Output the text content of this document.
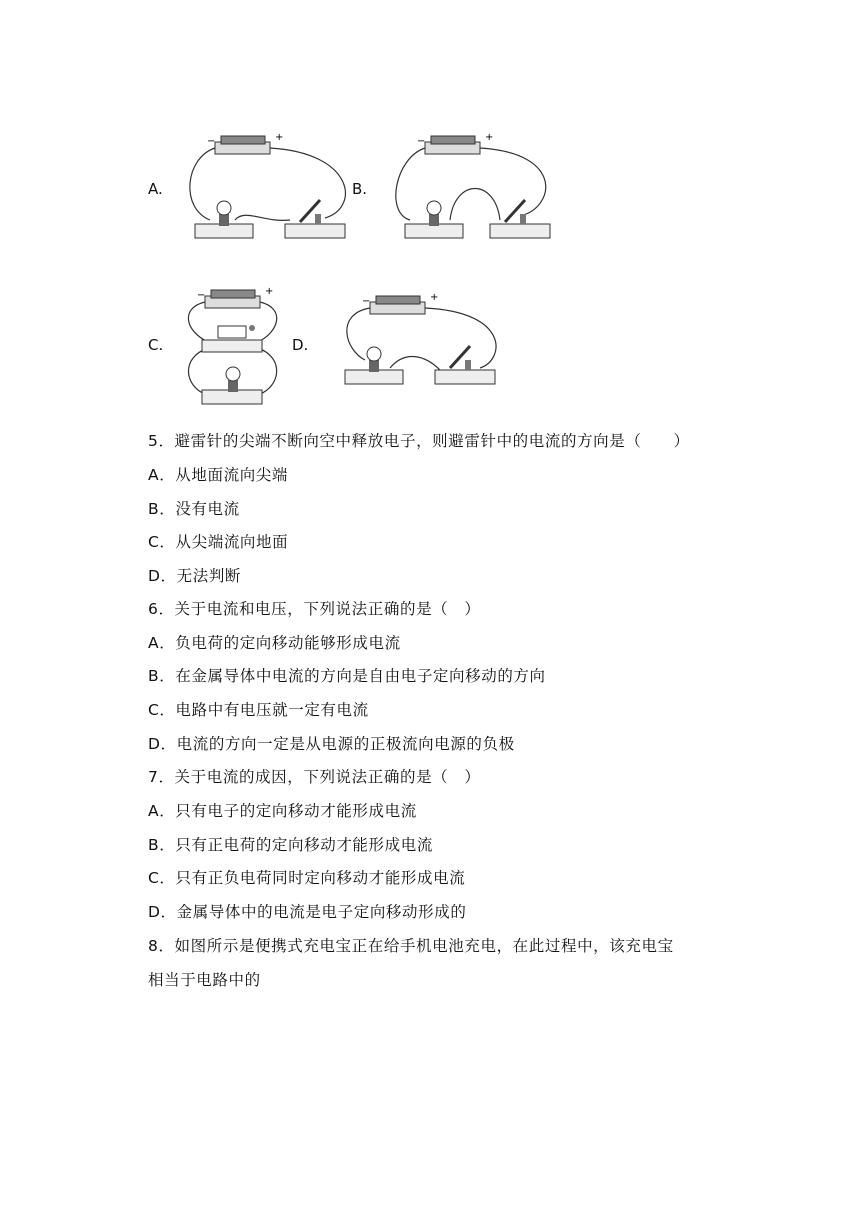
A.	B.
C.	D.
−	+	−	+
−	+
−	+
5．避雷针的尖端不断向空中释放电子，则避雷针中的电流的方向是（　　）
A．从地面流向尖端
B．没有电流
C．从尖端流向地面
D．无法判断
6．关于电流和电压，下列说法正确的是（　）
A．负电荷的定向移动能够形成电流
B．在金属导体中电流的方向是自由电子定向移动的方向
C．电路中有电压就一定有电流
D．电流的方向一定是从电源的正极流向电源的负极
7．关于电流的成因，下列说法正确的是（　）
A．只有电子的定向移动才能形成电流
B．只有正电荷的定向移动才能形成电流
C．只有正负电荷同时定向移动才能形成电流
D．金属导体中的电流是电子定向移动形成的
8．如图所示是便携式充电宝正在给手机电池充电，在此过程中，该充电宝
相当于电路中的
